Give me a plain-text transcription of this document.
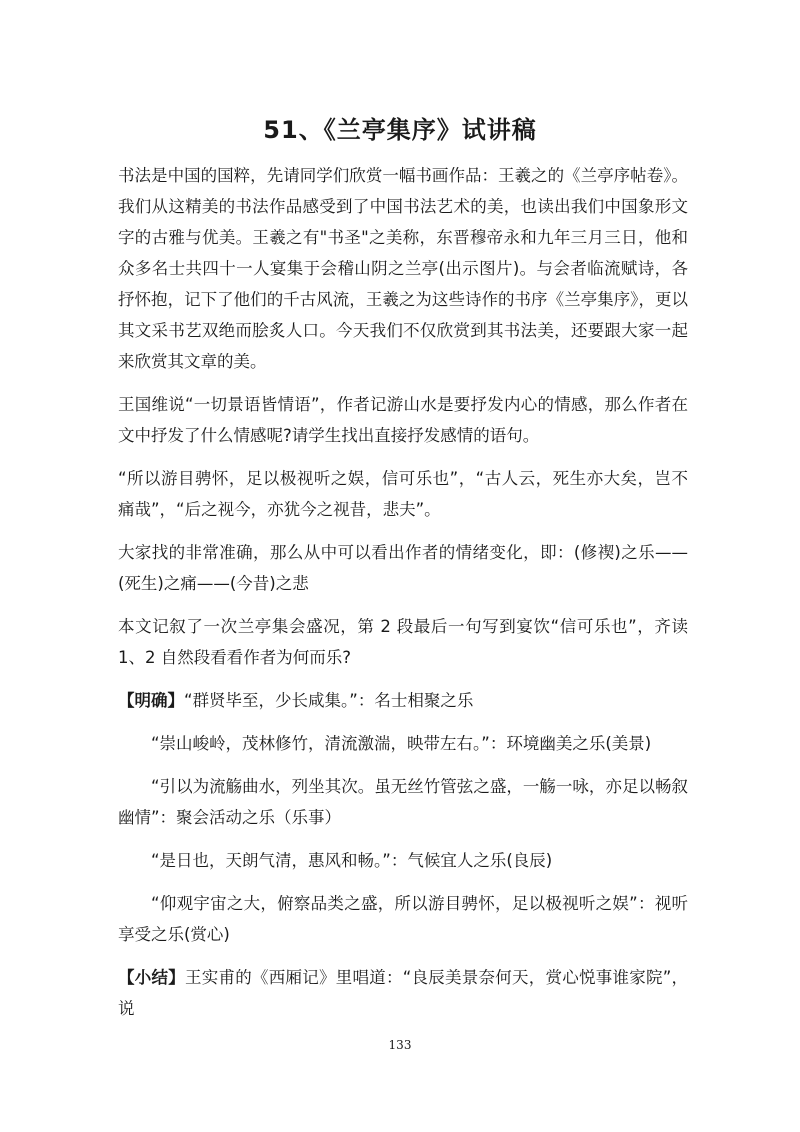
51、《兰亭集序》试讲稿

书法是中国的国粹，先请同学们欣赏一幅书画作品：王羲之的《兰亭序帖卷》。我们从这精美的书法作品感受到了中国书法艺术的美，也读出我们中国象形文字的古雅与优美。王羲之有"书圣"之美称，东晋穆帝永和九年三月三日，他和众多名士共四十一人宴集于会稽山阴之兰亭(出示图片)。与会者临流赋诗，各抒怀抱，记下了他们的千古风流，王羲之为这些诗作的书序《兰亭集序》，更以其文采书艺双绝而脍炙人口。今天我们不仅欣赏到其书法美，还要跟大家一起来欣赏其文章的美。

王国维说“一切景语皆情语”，作者记游山水是要抒发内心的情感，那么作者在文中抒发了什么情感呢?请学生找出直接抒发感情的语句。

“所以游目骋怀，足以极视听之娱，信可乐也”，“古人云，死生亦大矣，岂不痛哉”，“后之视今，亦犹今之视昔，悲夫”。

大家找的非常准确，那么从中可以看出作者的情绪变化，即：(修禊)之乐——(死生)之痛——(今昔)之悲

本文记叙了一次兰亭集会盛况，第 2 段最后一句写到宴饮“信可乐也”，齐读 1、2 自然段看看作者为何而乐?

【明确】“群贤毕至，少长咸集。”：名士相聚之乐

“崇山峻岭，茂林修竹，清流激湍，映带左右。”：环境幽美之乐(美景)

“引以为流觞曲水，列坐其次。虽无丝竹管弦之盛，一觞一咏，亦足以畅叙幽情”：聚会活动之乐（乐事）

“是日也，天朗气清，惠风和畅。”：气候宜人之乐(良辰)

“仰观宇宙之大，俯察品类之盛，所以游目骋怀，足以极视听之娱”：视听享受之乐(赏心)

【小结】王实甫的《西厢记》里唱道：“良辰美景奈何天，赏心悦事谁家院”，说

133
